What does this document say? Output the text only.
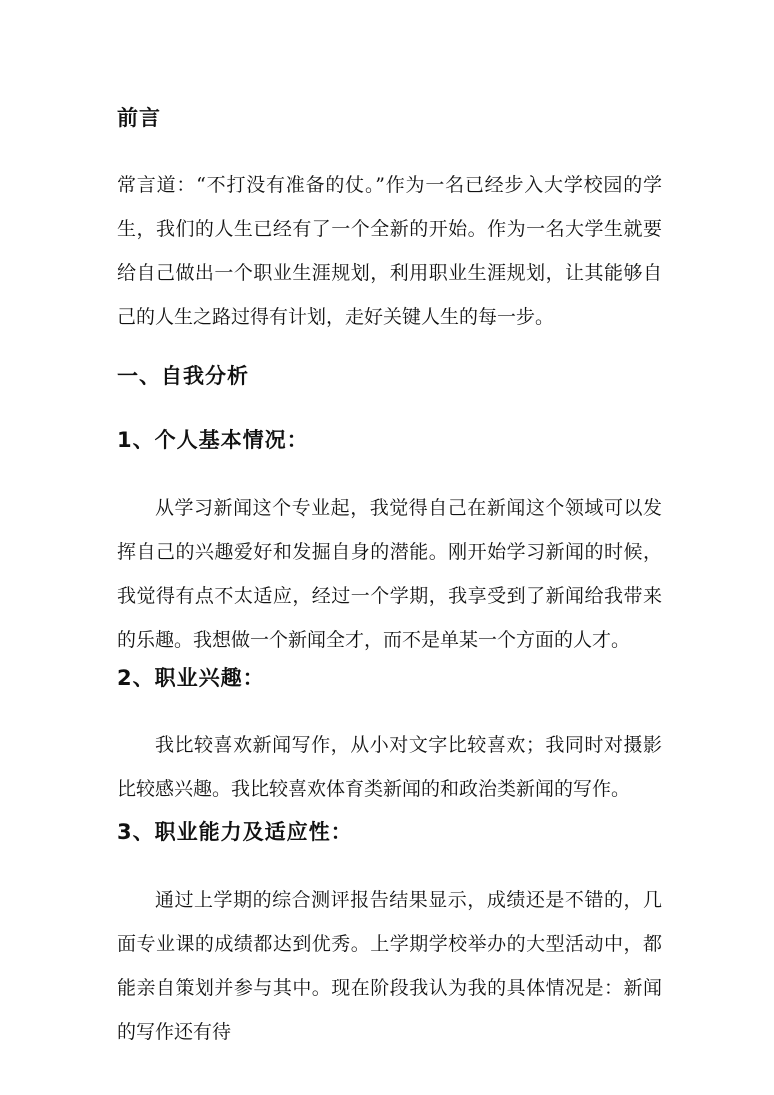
前言

常言道：“不打没有准备的仗。”作为一名已经步入大学校园的学生，我们的人生已经有了一个全新的开始。作为一名大学生就要给自己做出一个职业生涯规划，利用职业生涯规划，让其能够自己的人生之路过得有计划，走好关键人生的每一步。

一、自我分析
1、个人基本情况：

从学习新闻这个专业起，我觉得自己在新闻这个领域可以发挥自己的兴趣爱好和发掘自身的潜能。刚开始学习新闻的时候，我觉得有点不太适应，经过一个学期，我享受到了新闻给我带来的乐趣。我想做一个新闻全才，而不是单某一个方面的人才。

2、职业兴趣：

我比较喜欢新闻写作，从小对文字比较喜欢；我同时对摄影比较感兴趣。我比较喜欢体育类新闻的和政治类新闻的写作。

3、职业能力及适应性：

通过上学期的综合测评报告结果显示，成绩还是不错的，几面专业课的成绩都达到优秀。上学期学校举办的大型活动中，都能亲自策划并参与其中。现在阶段我认为我的具体情况是：新闻的写作还有待
